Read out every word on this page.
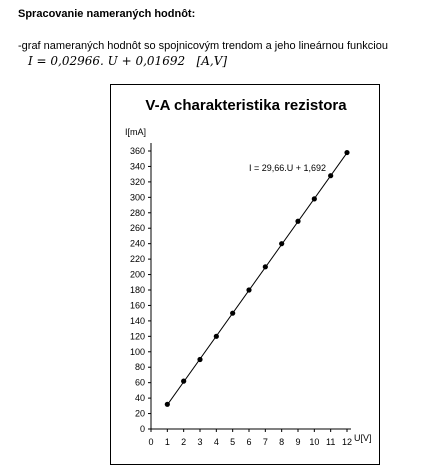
Spracovanie nameraných hodnôt:
-graf nameraných hodnôt so spojnicovým trendom a jeho lineárnou funkciou
I = 0,02966. U + 0,01692   [A,V]
V-A charakteristika rezistora
0
20
40
60
80
100
120
140
160
180
200
220
240
260
280
300
320
340
360
0 1 2 3 4 5 6 7 8 9 10 11 12
I[mA]
U[V]
I = 29,66.U + 1,692
